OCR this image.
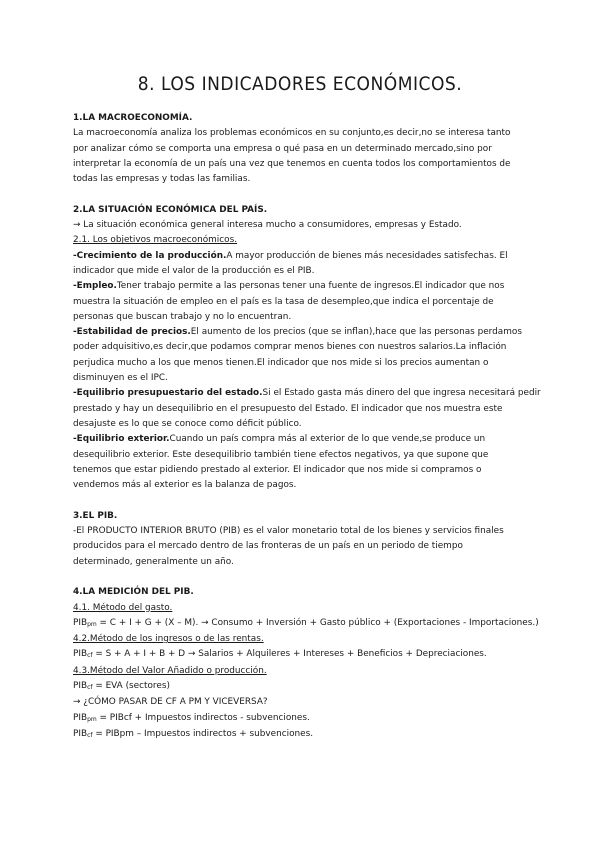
8. LOS INDICADORES ECONÓMICOS.
1.LA MACROECONOMÍA.
La macroeconomía analiza los problemas económicos en su conjunto,es decir,no se interesa tanto
por analizar cómo se comporta una empresa o qué pasa en un determinado mercado,sino por
interpretar la economía de un país una vez que tenemos en cuenta todos los comportamientos de
todas las empresas y todas las familias.
2.LA SITUACIÓN ECONÓMICA DEL PAÍS.
→ La situación económica general interesa mucho a consumidores, empresas y Estado.
2.1. Los objetivos macroeconómicos.
-Crecimiento de la producción.A mayor producción de bienes más necesidades satisfechas. El
indicador que mide el valor de la producción es el PIB.
-Empleo.Tener trabajo permite a las personas tener una fuente de ingresos.El indicador que nos
muestra la situación de empleo en el país es la tasa de desempleo,que indica el porcentaje de
personas que buscan trabajo y no lo encuentran.
-Estabilidad de precios.El aumento de los precios (que se inflan),hace que las personas perdamos
poder adquisitivo,es decir,que podamos comprar menos bienes con nuestros salarios.La inflación
perjudica mucho a los que menos tienen.El indicador que nos mide si los precios aumentan o
disminuyen es el IPC.
-Equilibrio presupuestario del estado.Si el Estado gasta más dinero del que ingresa necesitará pedir
prestado y hay un desequilibrio en el presupuesto del Estado. El indicador que nos muestra este
desajuste es lo que se conoce como déficit público.
-Equilibrio exterior.Cuando un país compra más al exterior de lo que vende,se produce un
desequilibrio exterior. Este desequilibrio también tiene efectos negativos, ya que supone que
tenemos que estar pidiendo prestado al exterior. El indicador que nos mide si compramos o
vendemos más al exterior es la balanza de pagos.
3.EL PIB.
-El PRODUCTO INTERIOR BRUTO (PIB) es el valor monetario total de los bienes y servicios finales
producidos para el mercado dentro de las fronteras de un país en un periodo de tiempo
determinado, generalmente un año.
4.LA MEDICIÓN DEL PIB.
4.1. Método del gasto.
$PIB_{pm} = C + I + G + (X - M)$. → Consumo + Inversión + Gasto público + (Exportaciones - Importaciones.)
4.2.Método de los ingresos o de las rentas.
$PIB_{cf} = S + A + I + B + D$ → Salarios + Alquileres + Intereses + Beneficios + Depreciaciones.
4.3.Método del Valor Añadido o producción.
$PIB_{cf}$ = EVA (sectores)
→ ¿CÓMO PASAR DE CF A PM Y VICEVERSA?
$PIB_{pm}$ = PIBcf + Impuestos indirectos - subvenciones.
$PIB_{cf}$ = PIBpm – Impuestos indirectos + subvenciones.
